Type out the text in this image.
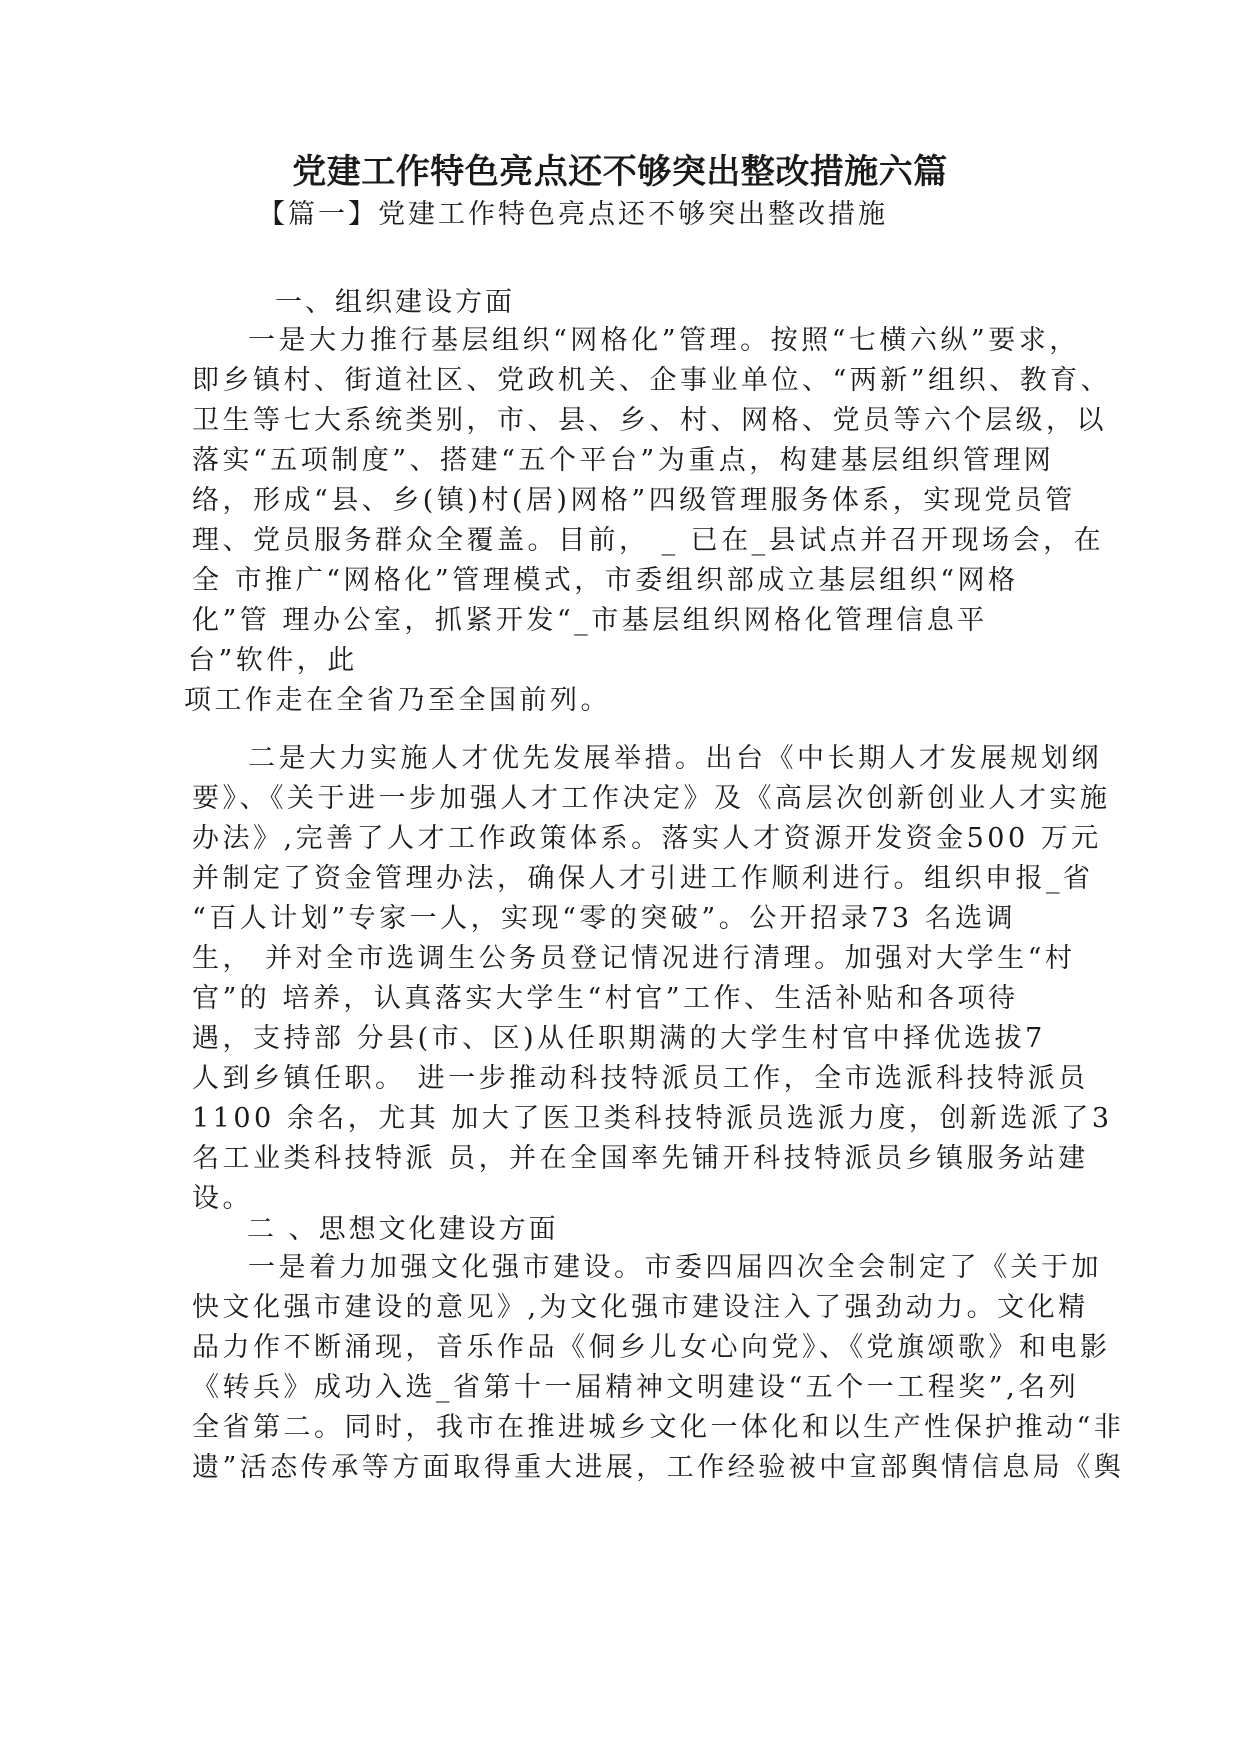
党建工作特色亮点还不够突出整改措施六篇
【篇一】党建工作特色亮点还不够突出整改措施
一、组织建设方面
一是大力推行基层组织“网格化”管理。按照“七横六纵”要求，
即乡镇村、街道社区、党政机关、企事业单位、“两新”组织、教育、
卫生等七大系统类别，市、县、乡、村、网格、党员等六个层级，以
落实“五项制度”、搭建“五个平台”为重点，构建基层组织管理网
络，形成“县、乡(镇)村(居)网格”四级管理服务体系，实现党员管
理、党员服务群众全覆盖。目前， _ 已在_县试点并召开现场会，在
全 市推广“网格化”管理模式，市委组织部成立基层组织“网格
化”管 理办公室，抓紧开发“_市基层组织网格化管理信息平
台”软件，此
项工作走在全省乃至全国前列。
二是大力实施人才优先发展举措。出台《中长期人才发展规划纲
要》、《关于进一步加强人才工作决定》及《高层次创新创业人才实施
办法》,完善了人才工作政策体系。落实人才资源开发资金500 万元
并制定了资金管理办法，确保人才引进工作顺利进行。组织申报_省
“百人计划”专家一人，实现“零的突破”。公开招录73 名选调
生， 并对全市选调生公务员登记情况进行清理。加强对大学生“村
官”的 培养，认真落实大学生“村官”工作、生活补贴和各项待
遇，支持部 分县(市、区)从任职期满的大学生村官中择优选拔7
人到乡镇任职。 进一步推动科技特派员工作，全市选派科技特派员
1100 余名，尤其 加大了医卫类科技特派员选派力度，创新选派了3
名工业类科技特派 员，并在全国率先铺开科技特派员乡镇服务站建
设。
二 、思想文化建设方面
一是着力加强文化强市建设。市委四届四次全会制定了《关于加
快文化强市建设的意见》,为文化强市建设注入了强劲动力。文化精
品力作不断涌现，音乐作品《侗乡儿女心向党》、《党旗颂歌》和电影
《转兵》成功入选_省第十一届精神文明建设“五个一工程奖”,名列
全省第二。同时，我市在推进城乡文化一体化和以生产性保护推动“非
遗”活态传承等方面取得重大进展，工作经验被中宣部舆情信息局《舆
